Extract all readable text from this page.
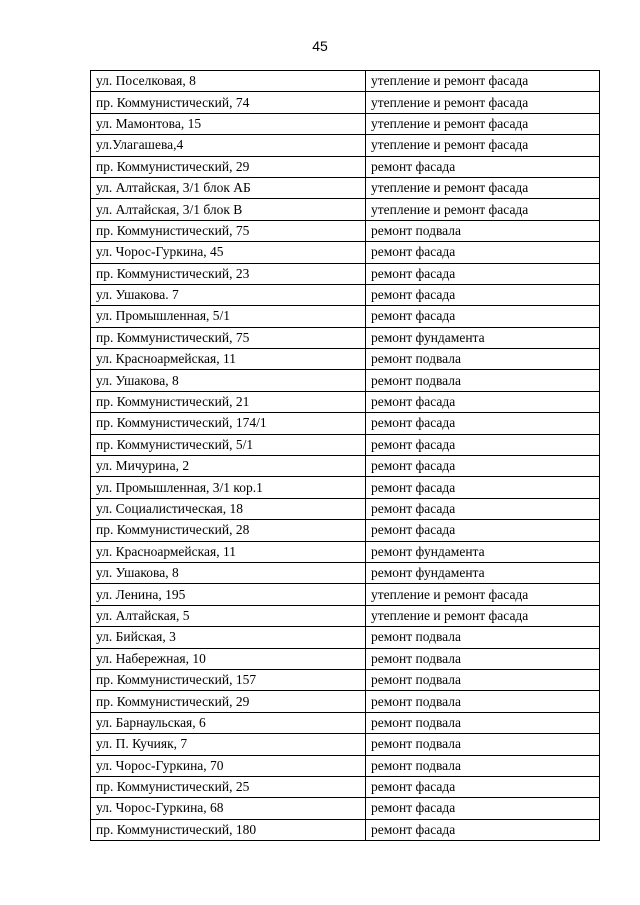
45
ул. Поселковая, 8	утепление и ремонт фасада
пр. Коммунистический, 74	утепление и ремонт фасада
ул. Мамонтова, 15	утепление и ремонт фасада
ул.Улагашева,4	утепление и ремонт фасада
пр. Коммунистический, 29	ремонт фасада
ул. Алтайская, 3/1 блок АБ	утепление и ремонт фасада
ул. Алтайская, 3/1 блок В	утепление и ремонт фасада
пр. Коммунистический, 75	ремонт подвала
ул. Чорос-Гуркина, 45	ремонт фасада
пр. Коммунистический, 23	ремонт фасада
ул. Ушакова. 7	ремонт фасада
ул. Промышленная, 5/1	ремонт фасада
пр. Коммунистический, 75	ремонт фундамента
ул. Красноармейская, 11	ремонт подвала
ул. Ушакова, 8	ремонт подвала
пр. Коммунистический, 21	ремонт фасада
пр. Коммунистический, 174/1	ремонт фасада
пр. Коммунистический, 5/1	ремонт фасада
ул. Мичурина, 2	ремонт фасада
ул. Промышленная, 3/1 кор.1	ремонт фасада
ул. Социалистическая, 18	ремонт фасада
пр. Коммунистический, 28	ремонт фасада
ул. Красноармейская, 11	ремонт фундамента
ул. Ушакова, 8	ремонт фундамента
ул. Ленина, 195	утепление и ремонт фасада
ул. Алтайская, 5	утепление и ремонт фасада
ул. Бийская, 3	ремонт подвала
ул. Набережная, 10	ремонт подвала
пр. Коммунистический, 157	ремонт подвала
пр. Коммунистический, 29	ремонт подвала
ул. Барнаульская, 6	ремонт подвала
ул. П. Кучияк, 7	ремонт подвала
ул. Чорос-Гуркина, 70	ремонт подвала
пр. Коммунистический, 25	ремонт фасада
ул. Чорос-Гуркина, 68	ремонт фасада
пр. Коммунистический, 180	ремонт фасада
